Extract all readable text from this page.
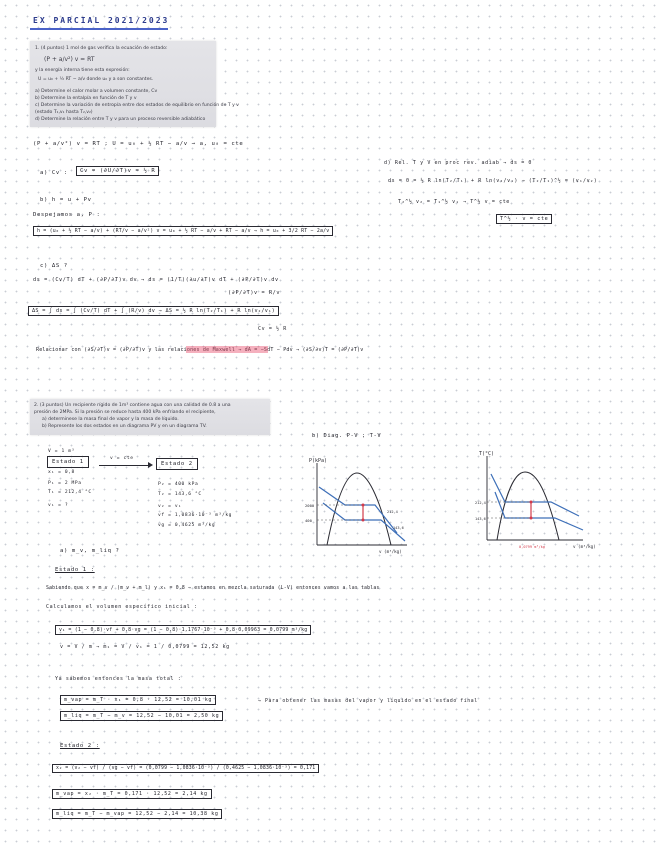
EX PARCIAL 2021/2023
1. (4 puntos) 1 mol de gas verifica la ecuación de estado:
(P + a/v²) v = RT
y la energía interna tiene esta expresión:
U = u₀ + ½ RT − a/v donde u₀ y a son constantes.
a) Determine el calor molar a volumen constante, Cv
b) Determine la entalpía en función de T y v
c) Determine la variación de entropía entre dos estados de equilibrio en función de T y v
(estado T₁,v₁ hasta T₂,v₂)
d) Determine la relación entre T y v para un proceso reversible adiabático
(P + a/v²) v = RT ; U = u₀ + ½ RT − a/v → a, u₀ = cte
a) Cv :	Cv = (∂U/∂T)v = ½ R
b) h = u + Pv
Despejamos a, P :
h = (u₀ + ½ RT − a/v) + (RT/v − a/v²) v = u₀ + ½ RT − a/v + RT − a/v → h = u₀ + 3/2 RT − 2a/v
c) ΔS ?
ds = (Cv/T) dT + (∂P/∂T)v dv → ds = (1/T)(∂u/∂T)v dT + (∂P/∂T)v dv
(∂P/∂T)v = R/v
ΔS = ∫ ds = ∫ (Cv/T) dT + ∫ (R/v) dv → ΔS = ½ R ln(T₂/T₁) + R ln(v₂/v₁)
Cv = ½ R
Relacionar con (∂S/∂T)v = (∂P/∂T)v y las relaciones de Maxwell → dA = −SdT − Pdv → (∂S/∂v)T = (∂P/∂T)v
d) Rel. T y V en proc rev. adiab → ds = 0
ds = 0 = ½ R ln(T₂/T₁) + R ln(v₂/v₁) → (T₂/T₁)^½ = (v₁/v₂)
T₂^½ v₂ = T₁^½ v₁ → T^½ v = cte
T^½ · v = cte
2. (3 puntos) Un recipiente rígido de 1m³ contiene agua con una calidad de 0.8 a una
presión de 2MPa. Si la presión se reduce hasta 400 kPa enfriando el recipiente,
a) determinese la masa final de vapor y la masa de líquido.
b) Represente los dos estados en un diagrama PV y en un diagrama TV.
Estado 1
V = 1 m³
x₁ = 0,8
P₁ = 2 MPa
T₁ = 212,4 °C
v₁ = ?
v = cte
Estado 2
P₂ = 400 kPa
T₂ = 143,6 °C
v₂ = v₁
vf = 1,0836·10⁻³ m³/kg
vg = 0,4625 m³/kg
a) m_v, m_liq ?
Estado 1 :
Sabiendo que x = m_v / (m_v + m_l) y x₁ = 0,8 → estamos en mezcla saturada (L-V) entonces vamos a las tablas
Calculamos el volumen específico inicial :
v₁ = (1 − 0,8)·vf + 0,8·vg = (1 − 0,8)·1,1767·10⁻³ + 0,8·0,09963 = 0,0799 m³/kg
v = V / m → m₁ = V / v₁ = 1 / 0,0799 = 12,52 kg
Ya sabemos entonces la masa total :
m_vap = m_T · x₁ = 0,8 · 12,52 = 10,01 kg
m_liq = m_T − m_v = 12,52 − 10,01 = 2,50 kg
→ Para obtener las masas del vapor y líquido en el estado final
Estado 2 :
x₂ = (v₂ − vf) / (vg − vf) = (0,0799 − 1,0836·10⁻³) / (0,4625 − 1,0836·10⁻³) = 0,171
m_vap = x₂ · m_T = 0,171 · 12,52 = 2,14 kg
m_liq = m_T − m_vap = 12,52 − 2,14 = 10,38 kg
b) Diag. P-V ; T-V
P(kPa)
v (m³/kg)
2000
400
212,4
143,6
T(°C)
v (m³/kg)
212,4
143,6
0,0799 m³/kg
